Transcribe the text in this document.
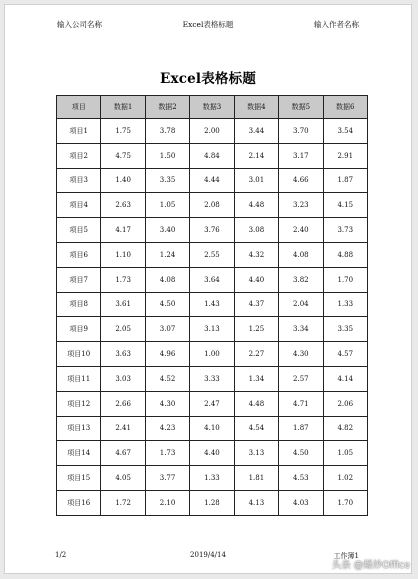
输入公司名称	Excel表格标题	输入作者名称
Excel表格标题
项目	数据1	数据2	数据3	数据4	数据5	数据6
项目1	1.75	3.78	2.00	3.44	3.70	3.54
项目2	4.75	1.50	4.84	2.14	3.17	2.91
项目3	1.40	3.35	4.44	3.01	4.66	1.87
项目4	2.63	1.05	2.08	4.48	3.23	4.15
项目5	4.17	3.40	3.76	3.08	2.40	3.73
项目6	1.10	1.24	2.55	4.32	4.08	4.88
项目7	1.73	4.08	3.64	4.40	3.82	1.70
项目8	3.61	4.50	1.43	4.37	2.04	1.33
项目9	2.05	3.07	3.13	1.25	3.34	3.35
项目10	3.63	4.96	1.00	2.27	4.30	4.57
项目11	3.03	4.52	3.33	1.34	2.57	4.14
项目12	2.66	4.30	2.47	4.48	4.71	2.06
项目13	2.41	4.23	4.10	4.54	1.87	4.82
项目14	4.67	1.73	4.40	3.13	4.50	1.05
项目15	4.05	3.77	1.33	1.81	4.53	1.02
项目16	1.72	2.10	1.28	4.13	4.03	1.70
1/2	2019/4/14	工作簿1
头条 @爆炒Office
